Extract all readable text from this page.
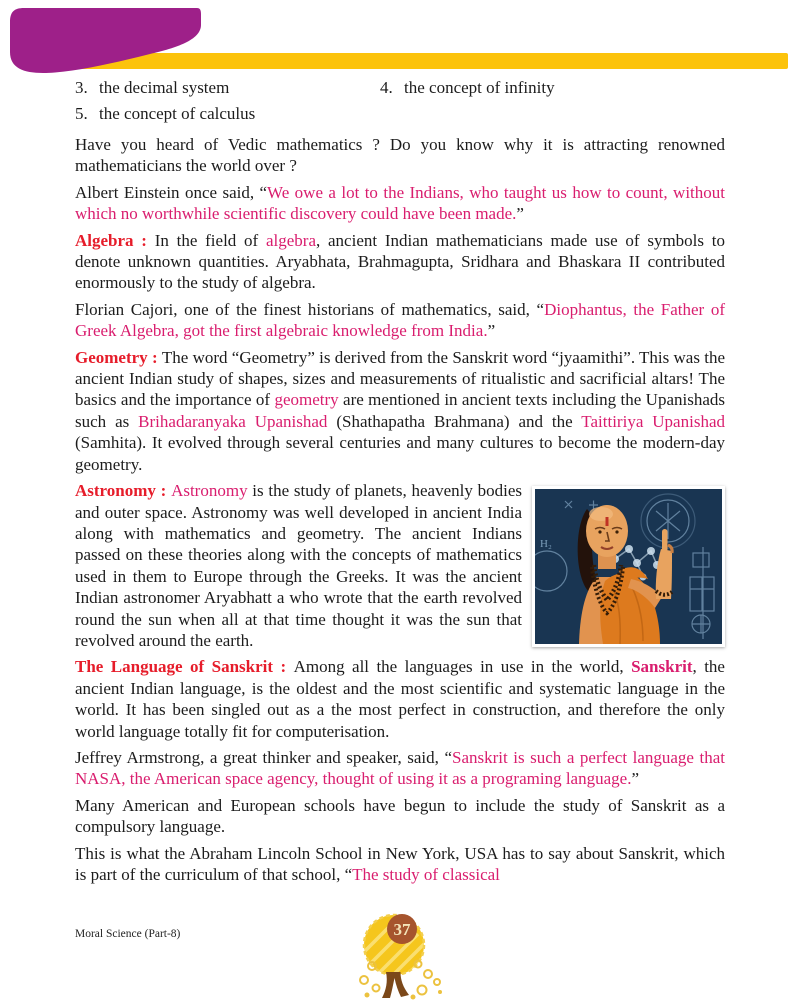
3. the decimal system	4. the concept of infinity
5. the concept of calculus
Have you heard of Vedic mathematics ? Do you know why it is attracting renowned mathematicians the world over ?
Albert Einstein once said, “We owe a lot to the Indians, who taught us how to count, without which no worthwhile scientific discovery could have been made.”
Algebra : In the field of algebra, ancient Indian mathematicians made use of symbols to denote unknown quantities. Aryabhata, Brahmagupta, Sridhara and Bhaskara II contributed enormously to the study of algebra.
Florian Cajori, one of the finest historians of mathematics, said, “Diophantus, the Father of Greek Algebra, got the first algebraic knowledge from India.”
Geometry : The word “Geometry” is derived from the Sanskrit word “jyaamithi”. This was the ancient Indian study of shapes, sizes and measurements of ritualistic and sacrificial altars! The basics and the importance of geometry are mentioned in ancient texts including the Upanishads such as Brihadaranyaka Upanishad (Shathapatha Brahmana) and the Taittiriya Upanishad (Samhita). It evolved through several centuries and many cultures to become the modern-day geometry.
H₂
Astronomy : Astronomy is the study of planets, heavenly bodies and outer space. Astronomy was well developed in ancient India along with mathematics and geometry. The ancient Indians passed on these theories along with the concepts of mathematics used in them to Europe through the Greeks. It was the ancient Indian astronomer Aryabhatt a who wrote that the earth revolved round the sun when all at that time thought it was the sun that revolved around the earth.
The Language of Sanskrit : Among all the languages in use in the world, Sanskrit, the ancient Indian language, is the oldest and the most scientific and systematic language in the world. It has been singled out as a the most perfect in construction, and therefore the only world language totally fit for computerisation.
Jeffrey Armstrong, a great thinker and speaker, said, “Sanskrit is such a perfect language that NASA, the American space agency, thought of using it as a programing language.”
Many American and European schools have begun to include the study of Sanskrit as a compulsory language.
This is what the Abraham Lincoln School in New York, USA has to say about Sanskrit, which is part of the curriculum of that school, “The study of classical
Moral Science (Part-8)	37
